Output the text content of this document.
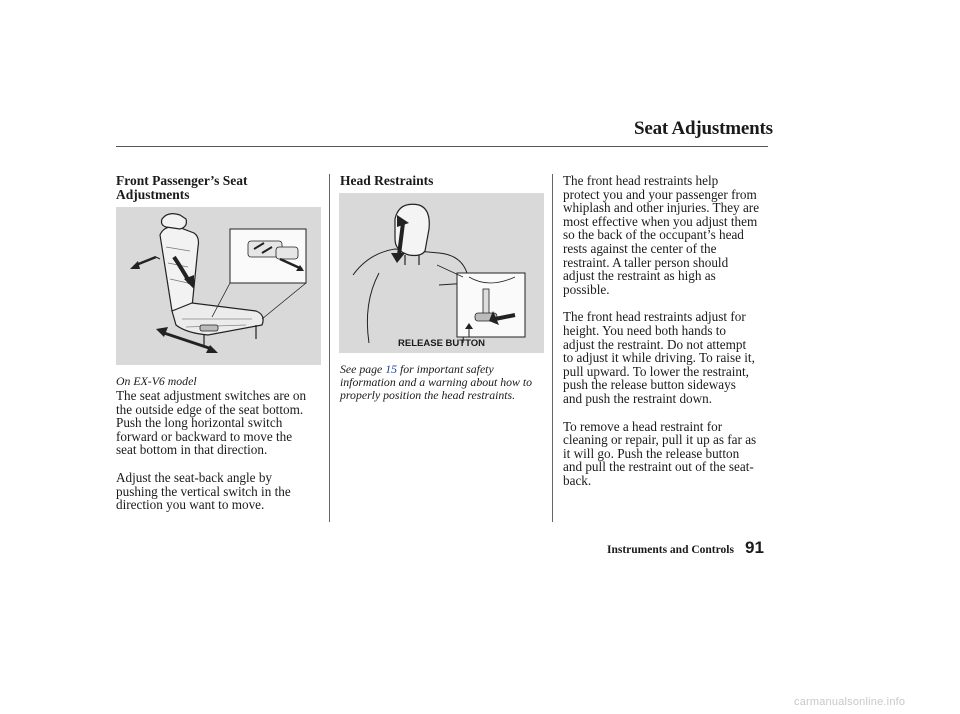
Seat Adjustments
Front Passenger’s Seat
Adjustments
On EX-V6 model
The seat adjustment switches are on
the outside edge of the seat bottom.
Push the long horizontal switch
forward or backward to move the
seat bottom in that direction.
Adjust the seat-back angle by
pushing the vertical switch in the
direction you want to move.
Head Restraints
RELEASE BUTTON
See page 15 for important safety
information and a warning about how to
properly position the head restraints.
The front head restraints help
protect you and your passenger from
whiplash and other injuries. They are
most effective when you adjust them
so the back of the occupant’s head
rests against the center of the
restraint. A taller person should
adjust the restraint as high as
possible.
The front head restraints adjust for
height. You need both hands to
adjust the restraint. Do not attempt
to adjust it while driving. To raise it,
pull upward. To lower the restraint,
push the release button sideways
and push the restraint down.
To remove a head restraint for
cleaning or repair, pull it up as far as
it will go. Push the release button
and pull the restraint out of the seat-
back.
Instruments and Controls 91
carmanualsonline.info
